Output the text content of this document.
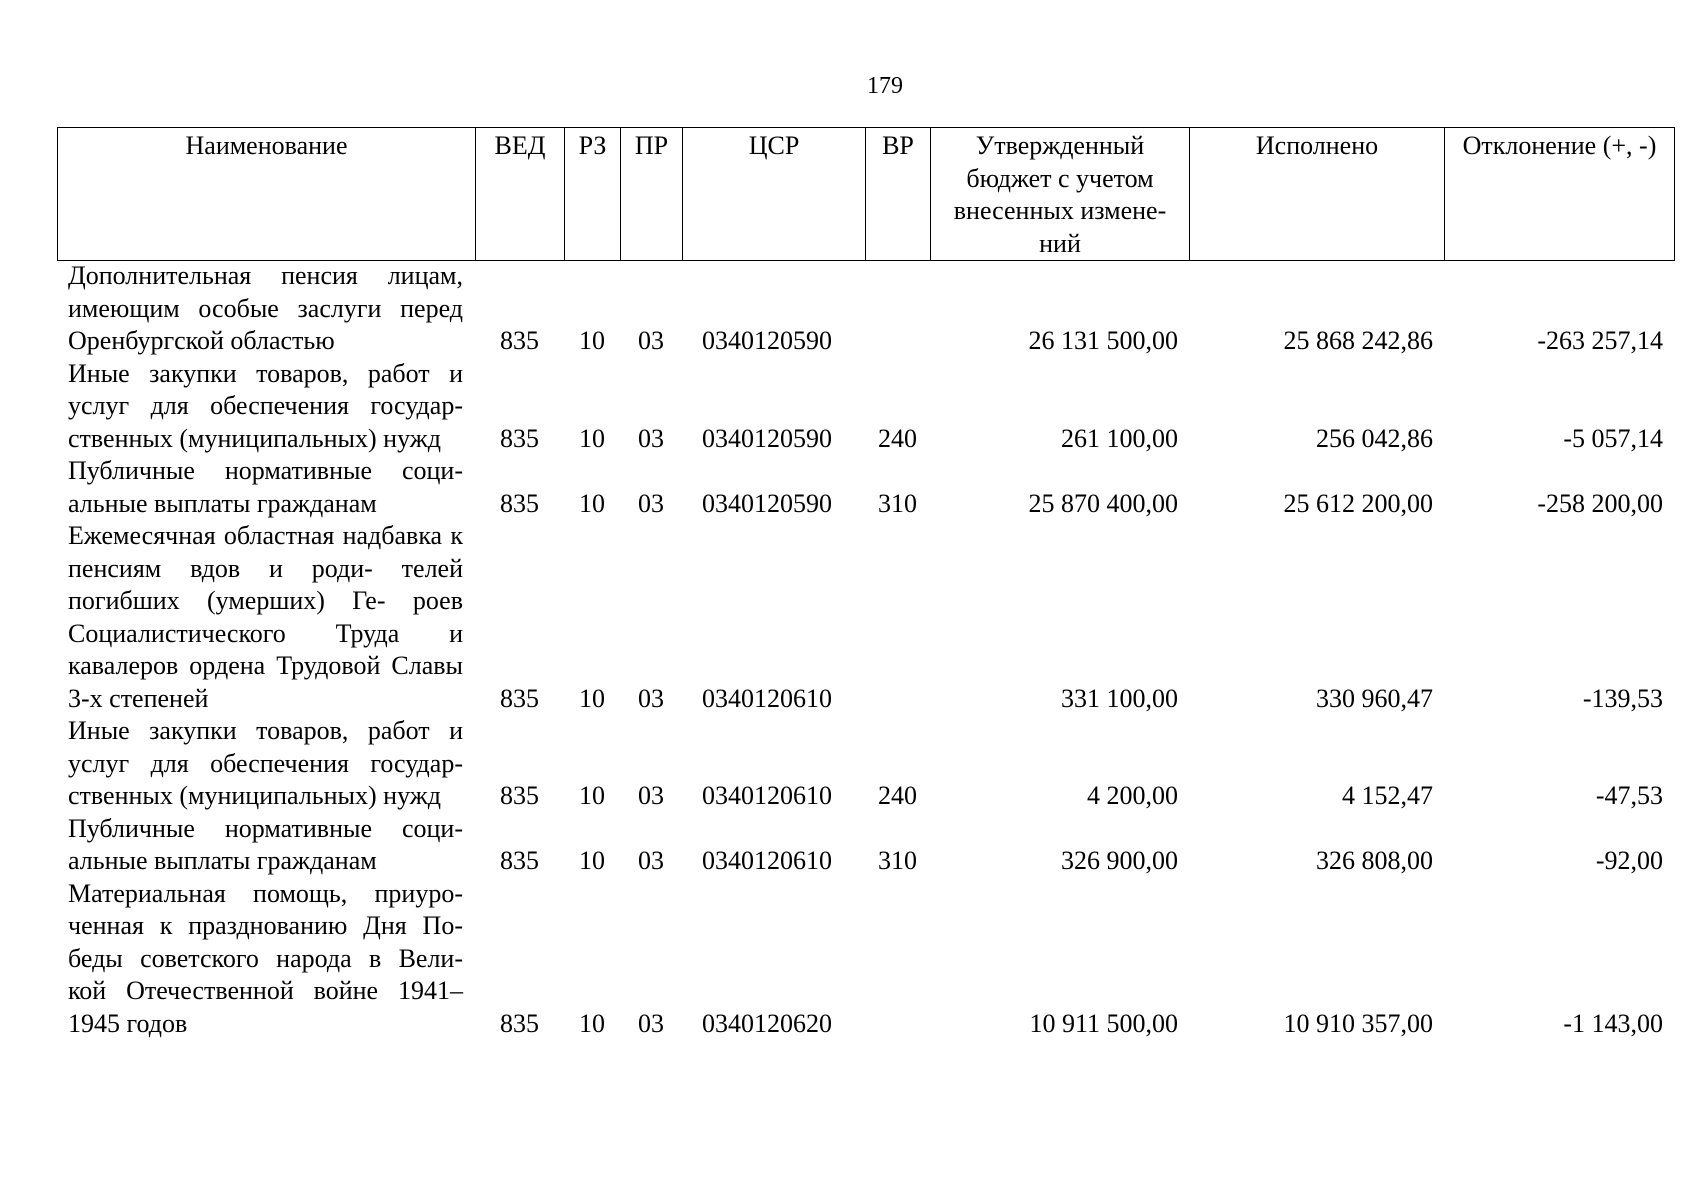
179
Наименование	ВЕД	РЗ	ПР	ЦСР	ВР	Утвержденный бюджет с учетом внесенных измене- ний	Исполнено	Отклонение (+, -)
Дополнительная пенсия лицам, имеющим особые заслуги перед Оренбургской областью	835	10	03	0340120590		26 131 500,00	25 868 242,86	-263 257,14
Иные закупки товаров, работ и услуг для обеспечения государ- ственных (муниципальных) нужд	835	10	03	0340120590	240	261 100,00	256 042,86	-5 057,14
Публичные нормативные соци- альные выплаты гражданам	835	10	03	0340120590	310	25 870 400,00	25 612 200,00	-258 200,00
Ежемесячная областная надбавка к пенсиям вдов и роди- телей погибших (умерших) Ге- роев Социалистического Труда и кавалеров ордена Трудовой Славы 3-х степеней	835	10	03	0340120610		331 100,00	330 960,47	-139,53
Иные закупки товаров, работ и услуг для обеспечения государ- ственных (муниципальных) нужд	835	10	03	0340120610	240	4 200,00	4 152,47	-47,53
Публичные нормативные соци- альные выплаты гражданам	835	10	03	0340120610	310	326 900,00	326 808,00	-92,00
Материальная помощь, приуро- ченная к празднованию Дня По- беды советского народа в Вели- кой Отечественной войне 1941– 1945 годов	835	10	03	0340120620		10 911 500,00	10 910 357,00	-1 143,00
